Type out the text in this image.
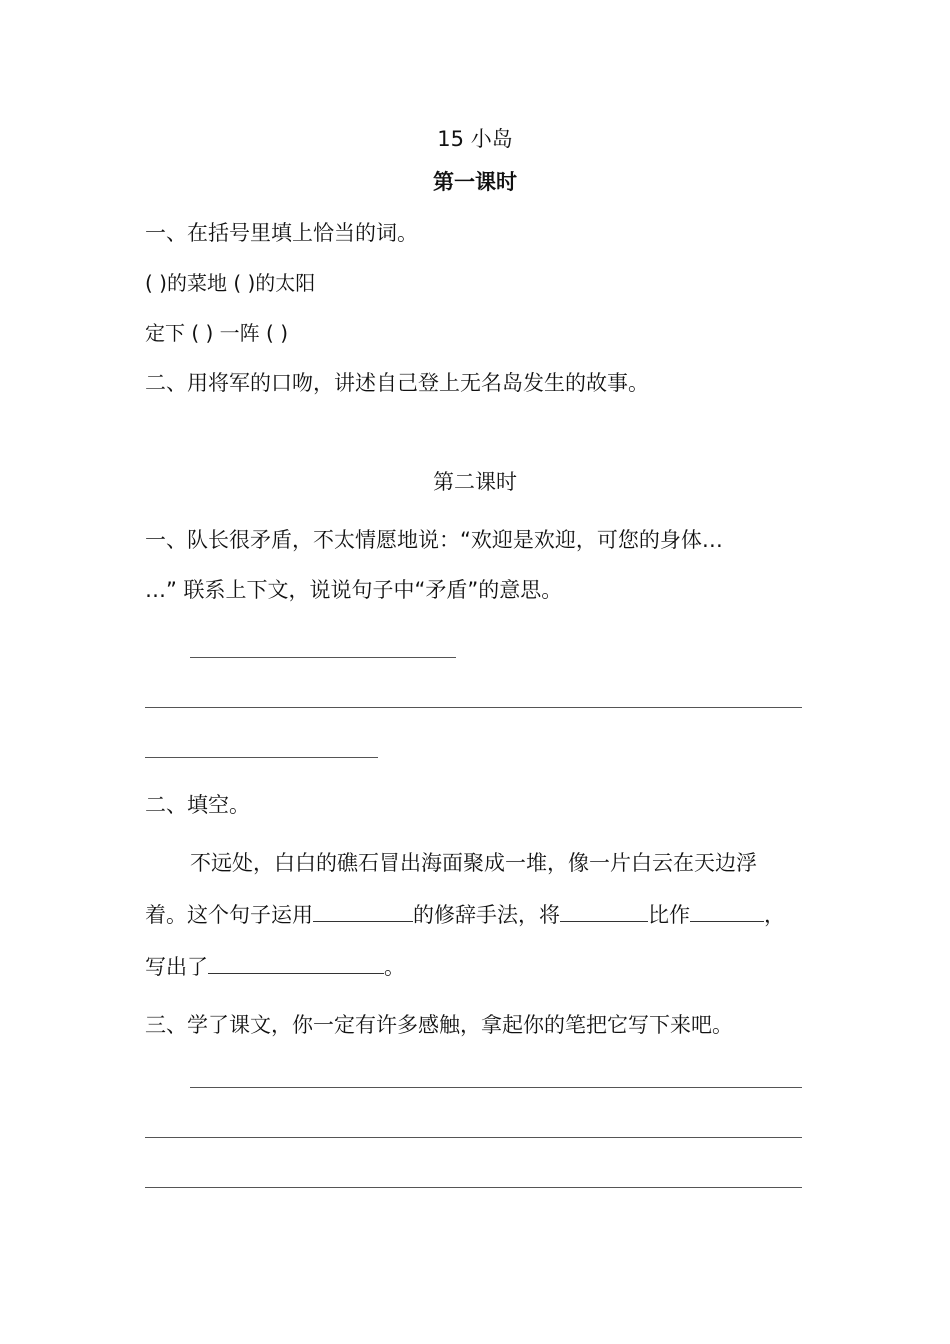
15 小岛
第一课时
一、在括号里填上恰当的词。
( )的菜地 ( )的太阳
定下 ( ) 一阵 ( )
二、用将军的口吻，讲述自己登上无名岛发生的故事。
第二课时
一、队长很矛盾，不太情愿地说：“欢迎是欢迎，可您的身体…
…” 联系上下文，说说句子中“矛盾”的意思。
二、填空。
不远处，白白的礁石冒出海面聚成一堆，像一片白云在天边浮
着。这个句子运用	的修辞手法，将	比作	，
写出了	。
三、学了课文，你一定有许多感触，拿起你的笔把它写下来吧。
